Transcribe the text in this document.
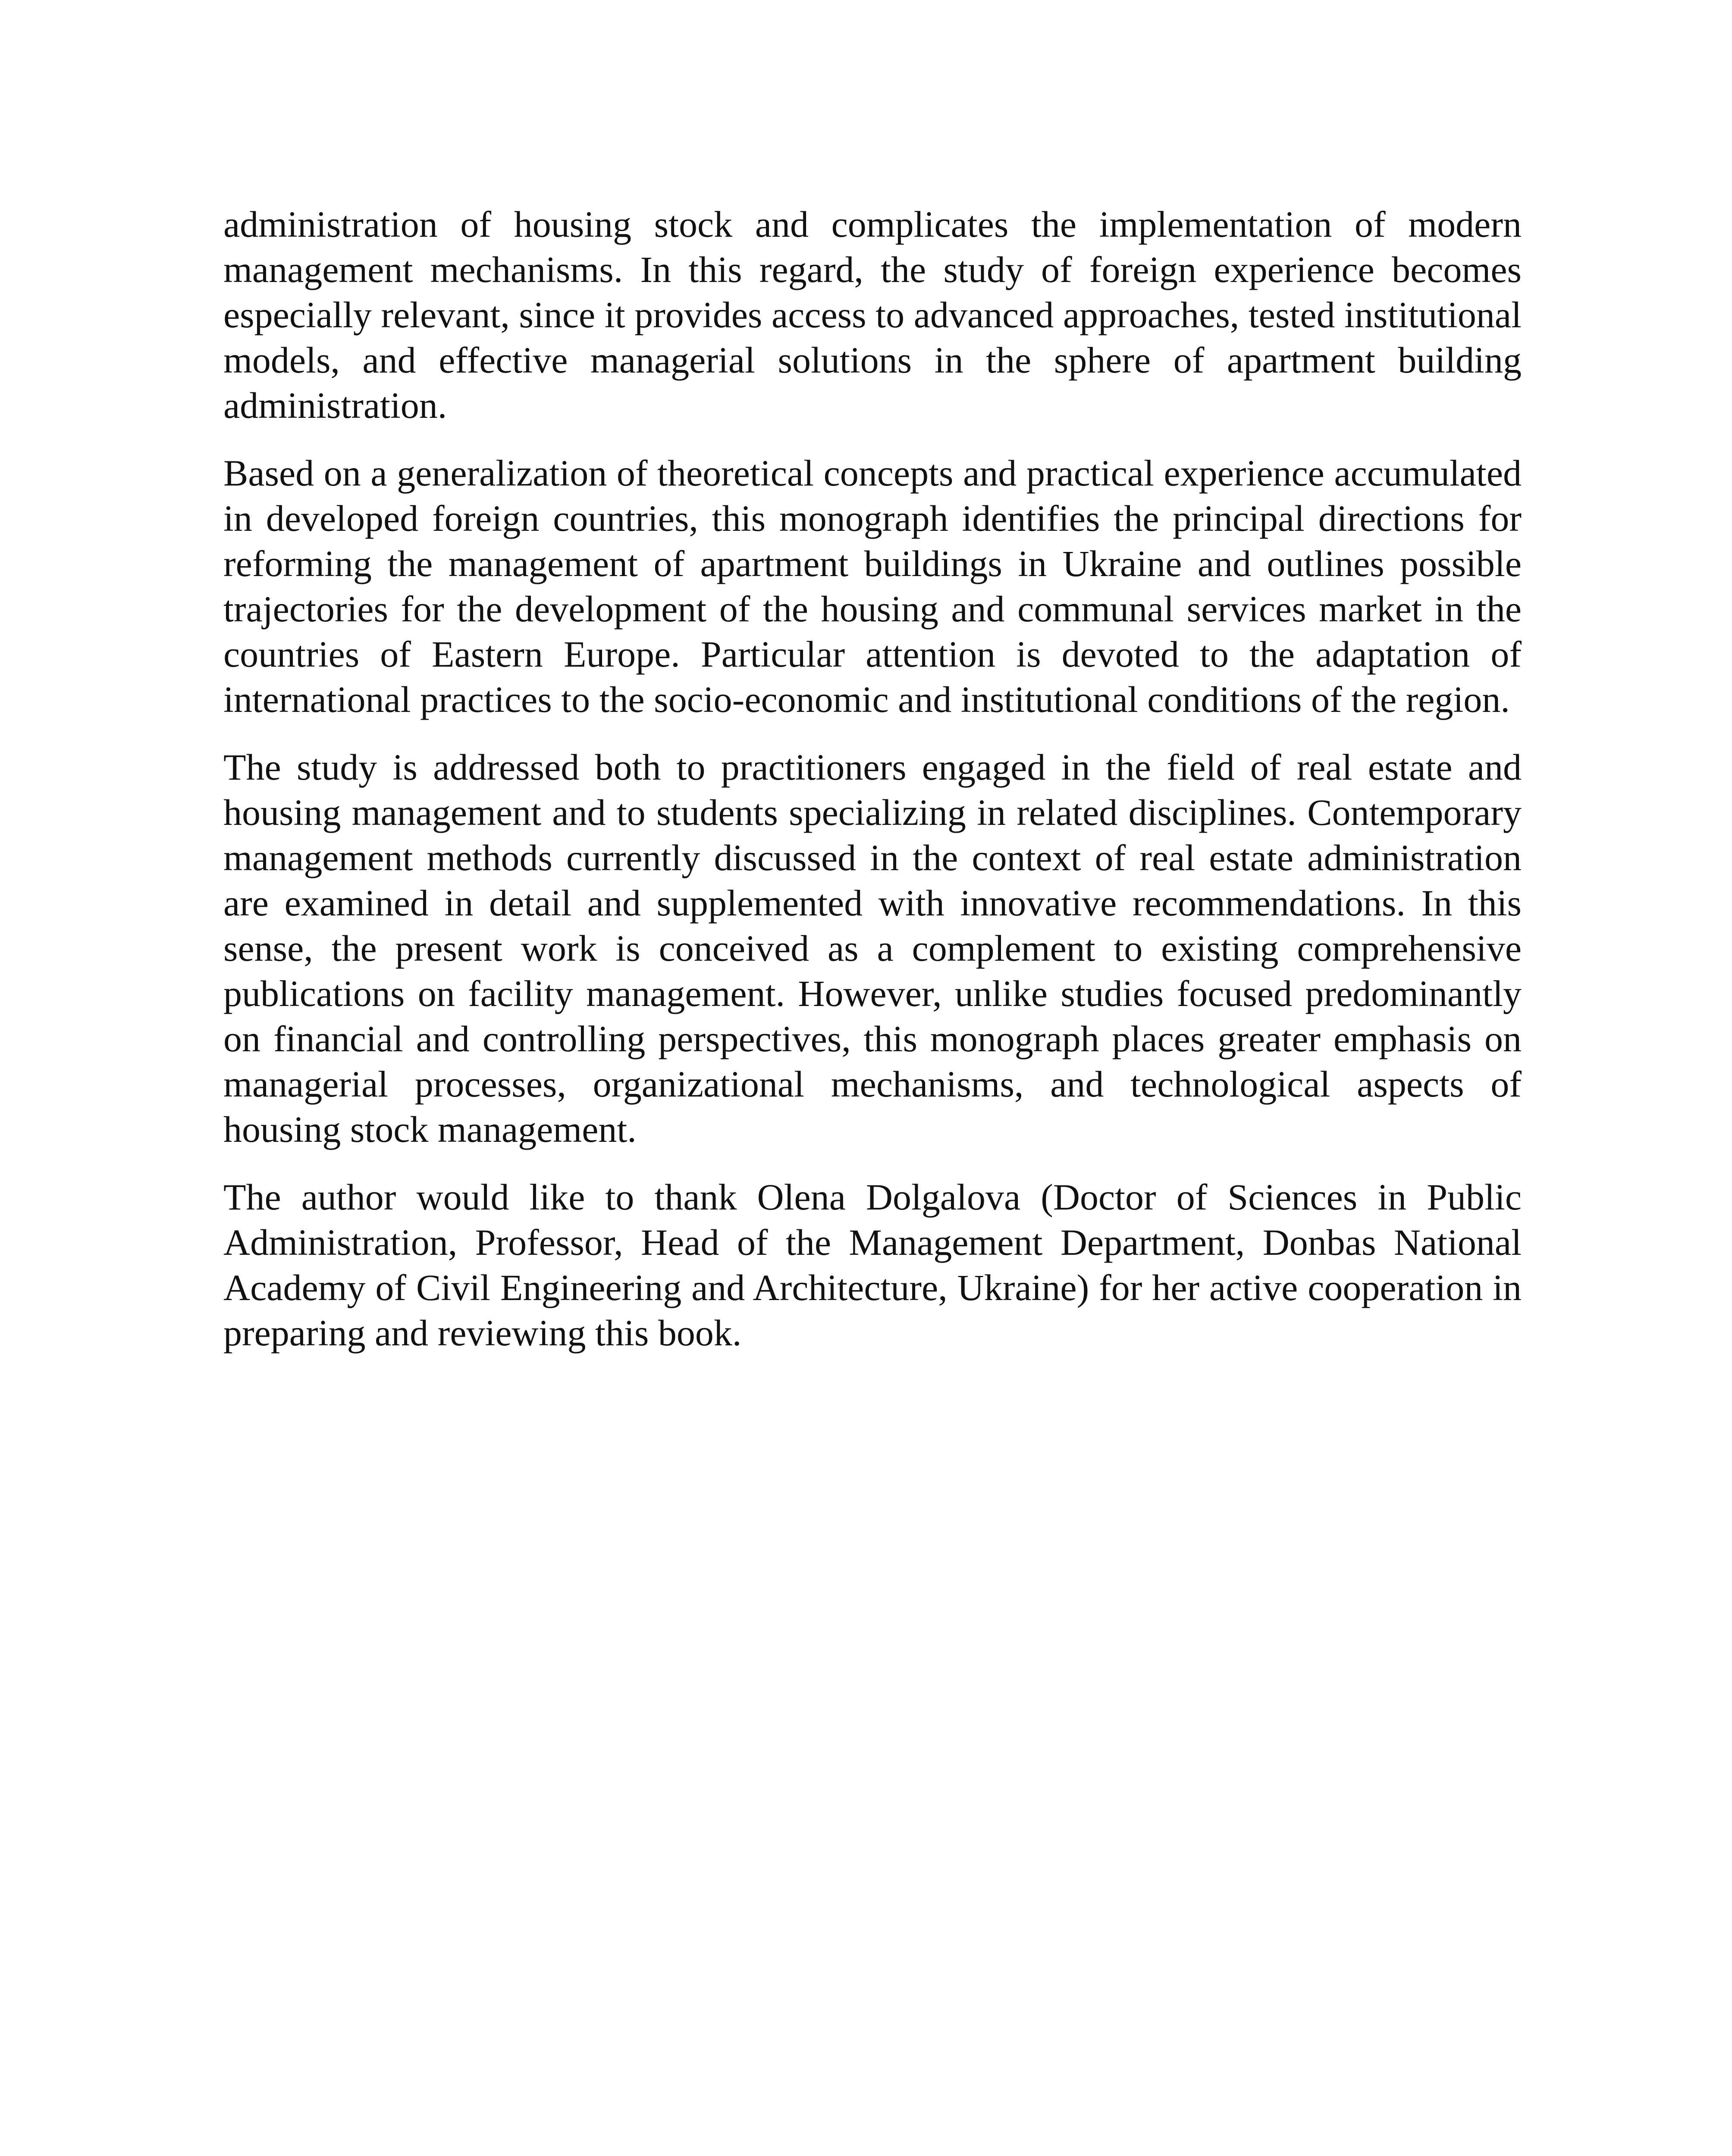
administration of housing stock and complicates the implementation of modern management mechanisms. In this regard, the study of foreign experience becomes especially relevant, since it provides access to advanced approaches, tested institutional models, and effective managerial solutions in the sphere of apartment building administration.

Based on a generalization of theoretical concepts and practical experience accumulated in developed foreign countries, this monograph identifies the principal directions for reforming the management of apartment buildings in Ukraine and outlines possible trajectories for the development of the housing and communal services market in the countries of Eastern Europe. Particular attention is devoted to the adaptation of international practices to the socio-economic and institutional conditions of the region.

The study is addressed both to practitioners engaged in the field of real estate and housing management and to students specializing in related disciplines. Contemporary management methods currently discussed in the context of real estate administration are examined in detail and supplemented with innovative recommendations. In this sense, the present work is conceived as a complement to existing comprehensive publications on facility management. However, unlike studies focused predominantly on financial and controlling perspectives, this monograph places greater emphasis on managerial processes, organizational mechanisms, and technological aspects of housing stock management.

The author would like to thank Olena Dolgalova (Doctor of Sciences in Public Administration, Professor, Head of the Management Department, Donbas National Academy of Civil Engineering and Architecture, Ukraine) for her active cooperation in preparing and reviewing this book.
